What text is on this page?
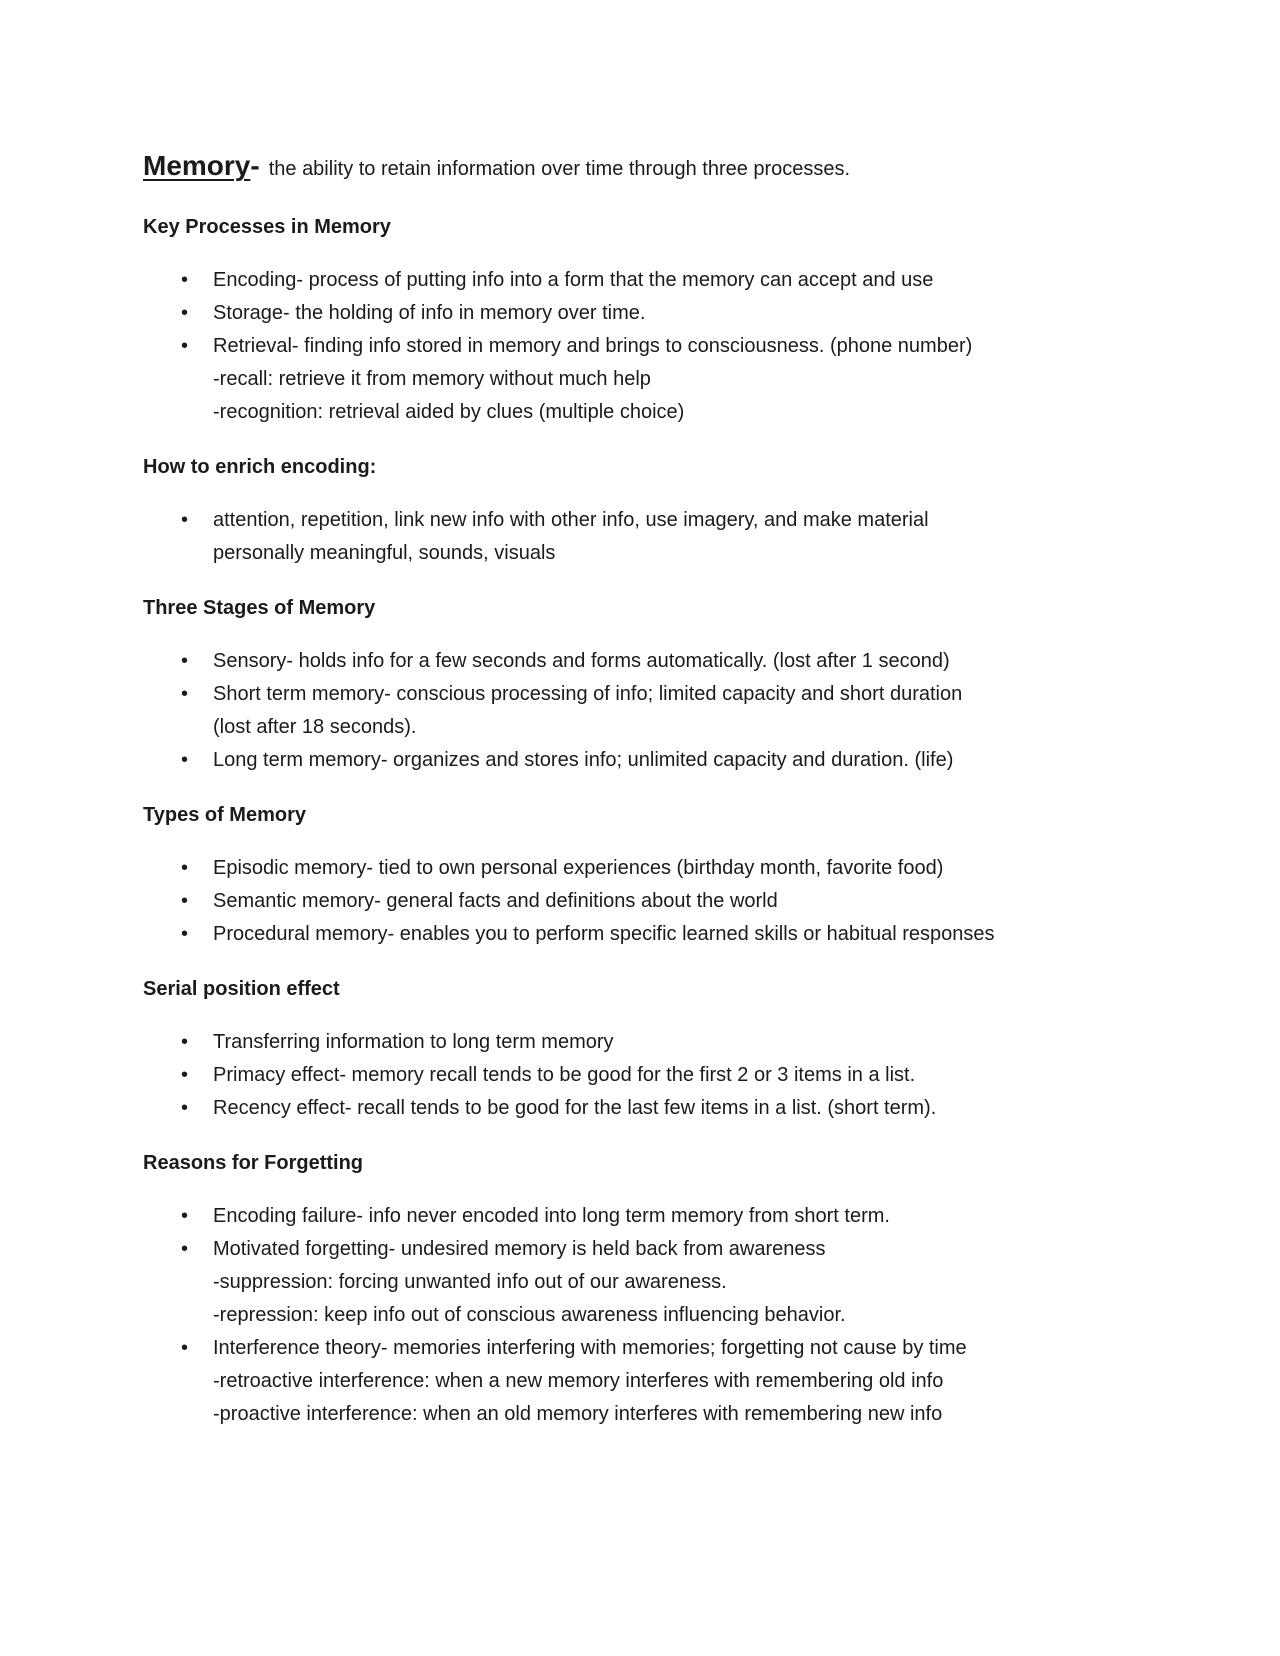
Memory- the ability to retain information over time through three processes.
Key Processes in Memory
• Encoding- process of putting info into a form that the memory can accept and use
• Storage- the holding of info in memory over time.
• Retrieval- finding info stored in memory and brings to consciousness. (phone number)
-recall: retrieve it from memory without much help
-recognition: retrieval aided by clues (multiple choice)
How to enrich encoding:
• attention, repetition, link new info with other info, use imagery, and make material
personally meaningful, sounds, visuals
Three Stages of Memory
• Sensory- holds info for a few seconds and forms automatically. (lost after 1 second)
• Short term memory- conscious processing of info; limited capacity and short duration
(lost after 18 seconds).
• Long term memory- organizes and stores info; unlimited capacity and duration. (life)
Types of Memory
• Episodic memory- tied to own personal experiences (birthday month, favorite food)
• Semantic memory- general facts and definitions about the world
• Procedural memory- enables you to perform specific learned skills or habitual responses
Serial position effect
• Transferring information to long term memory
• Primacy effect- memory recall tends to be good for the first 2 or 3 items in a list.
• Recency effect- recall tends to be good for the last few items in a list. (short term).
Reasons for Forgetting
• Encoding failure- info never encoded into long term memory from short term.
• Motivated forgetting- undesired memory is held back from awareness
-suppression: forcing unwanted info out of our awareness.
-repression: keep info out of conscious awareness influencing behavior.
• Interference theory- memories interfering with memories; forgetting not cause by time
-retroactive interference: when a new memory interferes with remembering old info
-proactive interference: when an old memory interferes with remembering new info
